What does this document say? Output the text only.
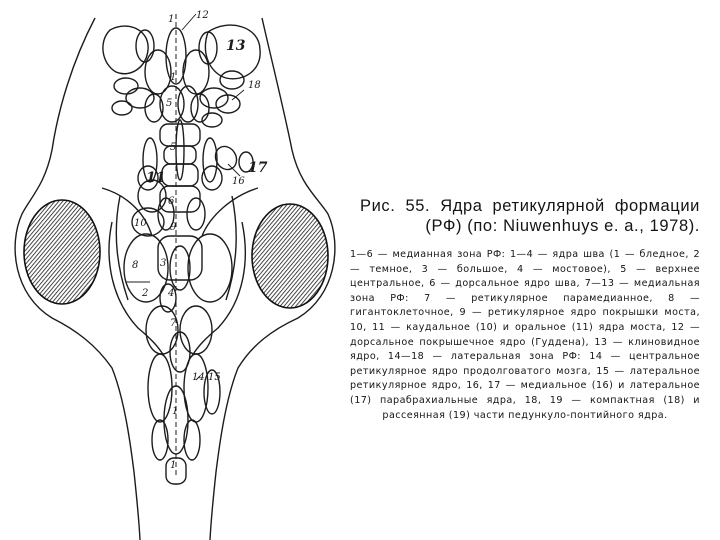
12
1
13
1
18
5
5
17
16
11
6
10 9
8 3
2 4
7
14 15
1
1

Рис. 55. Ядра ретикулярной формации (РФ) (по: Niuwenhuys e. a., 1978).

1—6 — медианная зона РФ: 1—4 — ядра шва (1 — бледное, 2 — темное, 3 — большое, 4 — мостовое), 5 — верхнее центральное, 6 — дорсальное ядро шва, 7—13 — медиальная зона РФ: 7 — ретикулярное парамедианное, 8 — гигантоклеточное, 9 — ретикулярное ядро покрышки моста, 10, 11 — каудальное (10) и оральное (11) ядра моста, 12 — дорсальное покрышечное ядро (Гуддена), 13 — клиновидное ядро, 14—18 — латеральная зона РФ: 14 — центральное ретикулярное ядро продолговатого мозга, 15 — латеральное ретикулярное ядро, 16, 17 — медиальное (16) и латеральное (17) парабрахиальные ядра, 18, 19 — компактная (18) и рассеянная (19) части педункуло-понтийного ядра.
